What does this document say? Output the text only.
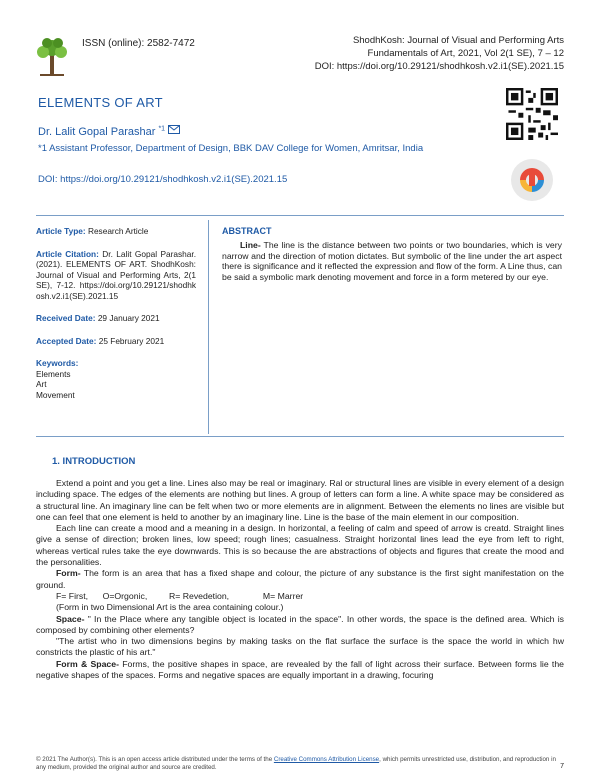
ISSN (online): 2582-7472	ShodhKosh: Journal of Visual and Performing Arts
Fundamentals of Art, 2021, Vol 2(1 SE), 7 – 12
DOI: https://doi.org/10.29121/shodhkosh.v2.i1(SE).2021.15
ELEMENTS OF ART
Dr. Lalit Gopal Parashar $^{*1}$
*1 Assistant Professor, Department of Design, BBK DAV College for Women, Amritsar, India
DOI: https://doi.org/10.29121/shodhkosh.v2.i1(SE).2021.15
Article Type: Research Article
Article Citation: Dr. Lalit Gopal Parashar. (2021). ELEMENTS OF ART. ShodhKosh: Journal of Visual and Performing Arts, 2(1 SE), 7-12. https://doi.org/10.29121/shodhkosh.v2.i1(SE).2021.15
Received Date: 29 January 2021
Accepted Date: 25 February 2021
Keywords:
Elements
Art
Movement
ABSTRACT
Line- The line is the distance between two points or two boundaries, which is very narrow and the direction of motion dictates. But symbolic of the line under the art aspect there is significance and it reflected the expression and flow of the form. A Line thus, can be said a symbolic mark denoting movement and force in a form metered by our eye.
1. INTRODUCTION

Extend a point and you get a line. Lines also may be real or imaginary. Ral or structural lines are visible in every element of a design including space. The edges of the elements are nothing but lines. A group of letters can form a line. A white space may be considered as a structural line. An imaginary line can be felt when two or more elements are in alignment. Between the elements no lines are visible but one can feel that one element is held to another by an imaginary line. Line is the base of the main element in our composition.

Each line can create a mood and a meaning in a design. In horizontal, a feeling of calm and speed of arrow is creatd. Straight lines give a sense of direction; broken lines, low speed; rough lines; casualness. Straight horizontal lines lead the eye from left to right, whereas vertical rules take the eye downwards. This is so because the are abstractions of objects and figures that create the mood and the personalities.

Form- The form is an area that has a fixed shape and colour, the picture of any substance is the first sight manifestation on the ground.

F= First,      O=Orgonic,         R= Revedetion,              M= Marrer

(Form in two Dimensional Art is the area containing colour.)

Space- " In the Place where any tangible object is located in the space". In other words, the space is the defined area. Which is composed by combining other elements?

"The artist who in two dimensions begins by making tasks on the flat surface the surface is the space the world in which hw constricts the plastic of his art."

Form & Space- Forms, the positive shapes in space, are revealed by the fall of light across their surface. Between forms lie the negative shapes of the spaces. Forms and negative spaces are equally important in a drawing, focuring

© 2021 The Author(s). This is an open access article distributed under the terms of the Creative Commons Attribution License, which permits unrestricted use, distribution, and reproduction in any medium, provided the original author and source are credited.	7
